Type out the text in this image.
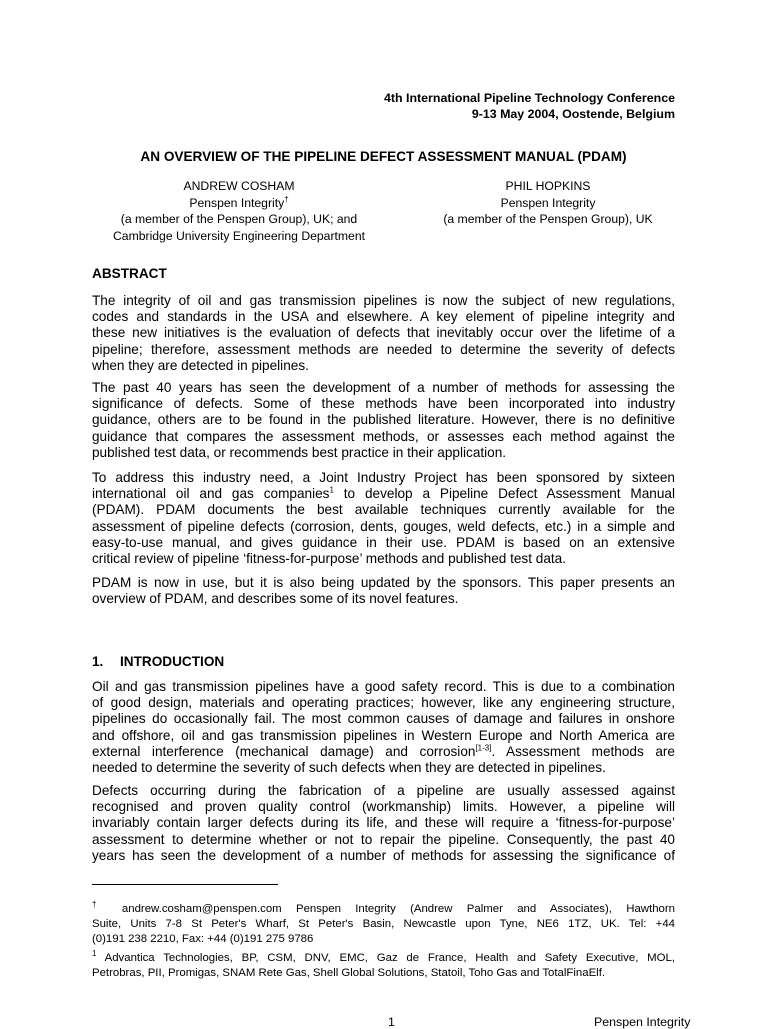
4th International Pipeline Technology Conference
9-13 May 2004, Oostende, Belgium
AN OVERVIEW OF THE PIPELINE DEFECT ASSESSMENT MANUAL (PDAM)
ANDREW COSHAM
Penspen Integrity†
(a member of the Penspen Group), UK; and
Cambridge University Engineering Department
PHIL HOPKINS
Penspen Integrity
(a member of the Penspen Group), UK
ABSTRACT
The integrity of oil and gas transmission pipelines is now the subject of new regulations,
codes and standards in the USA and elsewhere. A key element of pipeline integrity and
these new initiatives is the evaluation of defects that inevitably occur over the lifetime of a
pipeline; therefore, assessment methods are needed to determine the severity of defects
when they are detected in pipelines.
The past 40 years has seen the development of a number of methods for assessing the
significance of defects. Some of these methods have been incorporated into industry
guidance, others are to be found in the published literature. However, there is no definitive
guidance that compares the assessment methods, or assesses each method against the
published test data, or recommends best practice in their application.
To address this industry need, a Joint Industry Project has been sponsored by sixteen
international oil and gas companies$^1$ to develop a Pipeline Defect Assessment Manual
(PDAM). PDAM documents the best available techniques currently available for the
assessment of pipeline defects (corrosion, dents, gouges, weld defects, etc.) in a simple and
easy-to-use manual, and gives guidance in their use. PDAM is based on an extensive
critical review of pipeline ‘fitness-for-purpose’ methods and published test data.
PDAM is now in use, but it is also being updated by the sponsors. This paper presents an
overview of PDAM, and describes some of its novel features.
1. INTRODUCTION
Oil and gas transmission pipelines have a good safety record. This is due to a combination
of good design, materials and operating practices; however, like any engineering structure,
pipelines do occasionally fail. The most common causes of damage and failures in onshore
and offshore, oil and gas transmission pipelines in Western Europe and North America are
external interference (mechanical damage) and corrosion[1-3]. Assessment methods are
needed to determine the severity of such defects when they are detected in pipelines.
Defects occurring during the fabrication of a pipeline are usually assessed against
recognised and proven quality control (workmanship) limits. However, a pipeline will
invariably contain larger defects during its life, and these will require a ‘fitness-for-purpose’
assessment to determine whether or not to repair the pipeline. Consequently, the past 40
years has seen the development of a number of methods for assessing the significance of
† andrew.cosham@penspen.com Penspen Integrity (Andrew Palmer and Associates), Hawthorn
Suite, Units 7-8 St Peter's Wharf, St Peter's Basin, Newcastle upon Tyne, NE6 1TZ, UK. Tel: +44
(0)191 238 2210, Fax: +44 (0)191 275 9786
$^1$ Advantica Technologies, BP, CSM, DNV, EMC, Gaz de France, Health and Safety Executive, MOL,
Petrobras, PII, Promigas, SNAM Rete Gas, Shell Global Solutions, Statoil, Toho Gas and TotalFinaElf.
1	Penspen Integrity
